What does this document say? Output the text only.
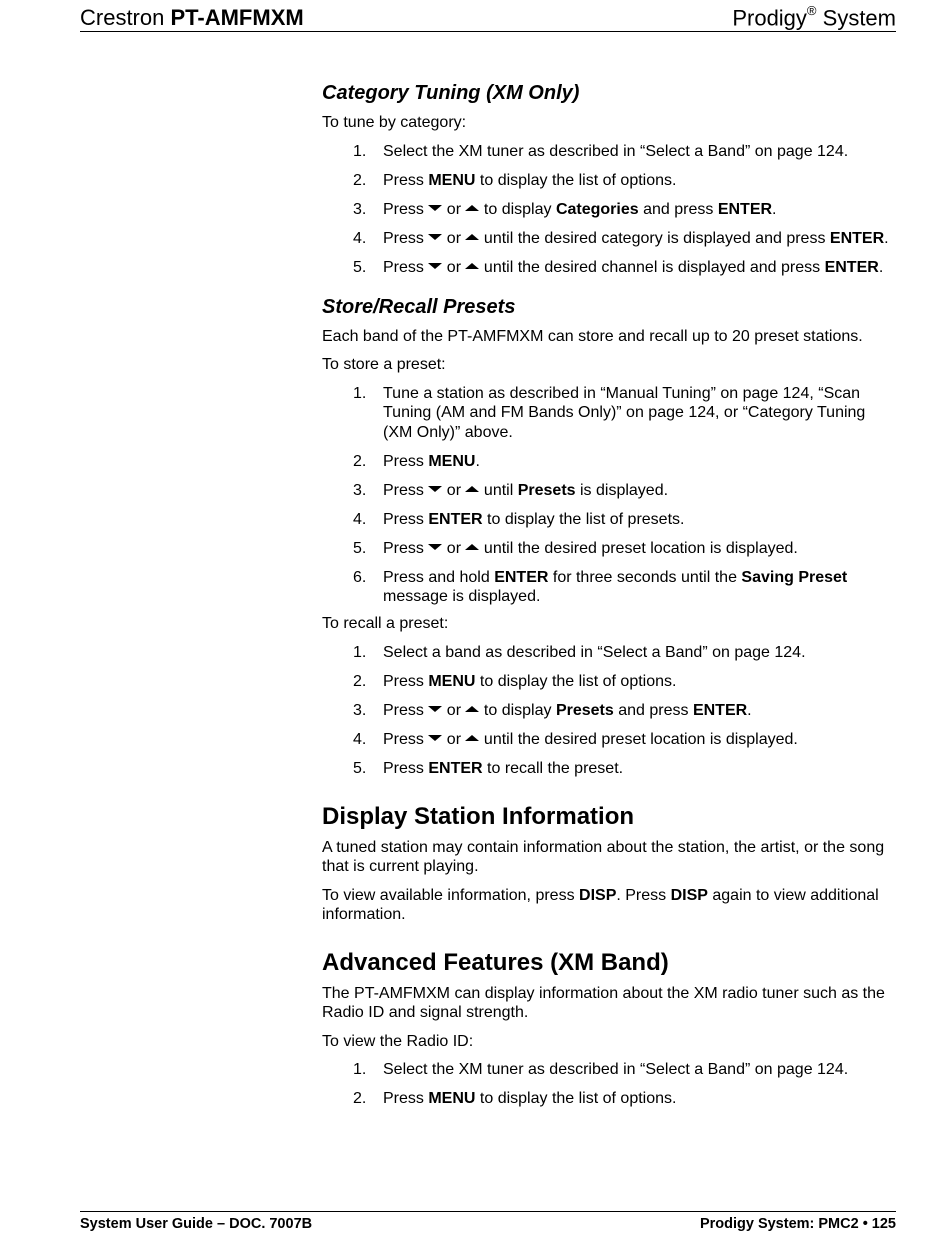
Crestron PT-AMFMXM	Prodigy® System
Category Tuning (XM Only)

To tune by category:

1. Select the XM tuner as described in “Select a Band” on page 124.
2. Press MENU to display the list of options.
3. Press  or  to display Categories and press ENTER.
4. Press  or  until the desired category is displayed and press ENTER.
5. Press  or  until the desired channel is displayed and press ENTER.
Store/Recall Presets

Each band of the PT-AMFMXM can store and recall up to 20 preset stations.

To store a preset:

1. Tune a station as described in “Manual Tuning” on page 124, “Scan Tuning (AM and FM Bands Only)” on page 124, or “Category Tuning (XM Only)” above.
2. Press MENU.
3. Press  or  until Presets is displayed.
4. Press ENTER to display the list of presets.
5. Press  or  until the desired preset location is displayed.
6. Press and hold ENTER for three seconds until the Saving Preset message is displayed.

To recall a preset:

1. Select a band as described in “Select a Band” on page 124.
2. Press MENU to display the list of options.
3. Press  or  to display Presets and press ENTER.
4. Press  or  until the desired preset location is displayed.
5. Press ENTER to recall the preset.
Display Station Information

A tuned station may contain information about the station, the artist, or the song that is current playing.

To view available information, press DISP. Press DISP again to view additional information.

Advanced Features (XM Band)

The PT-AMFMXM can display information about the XM radio tuner such as the Radio ID and signal strength.

To view the Radio ID:

1. Select the XM tuner as described in “Select a Band” on page 124.
2. Press MENU to display the list of options.
System User Guide – DOC. 7007B	Prodigy System: PMC2 • 125
